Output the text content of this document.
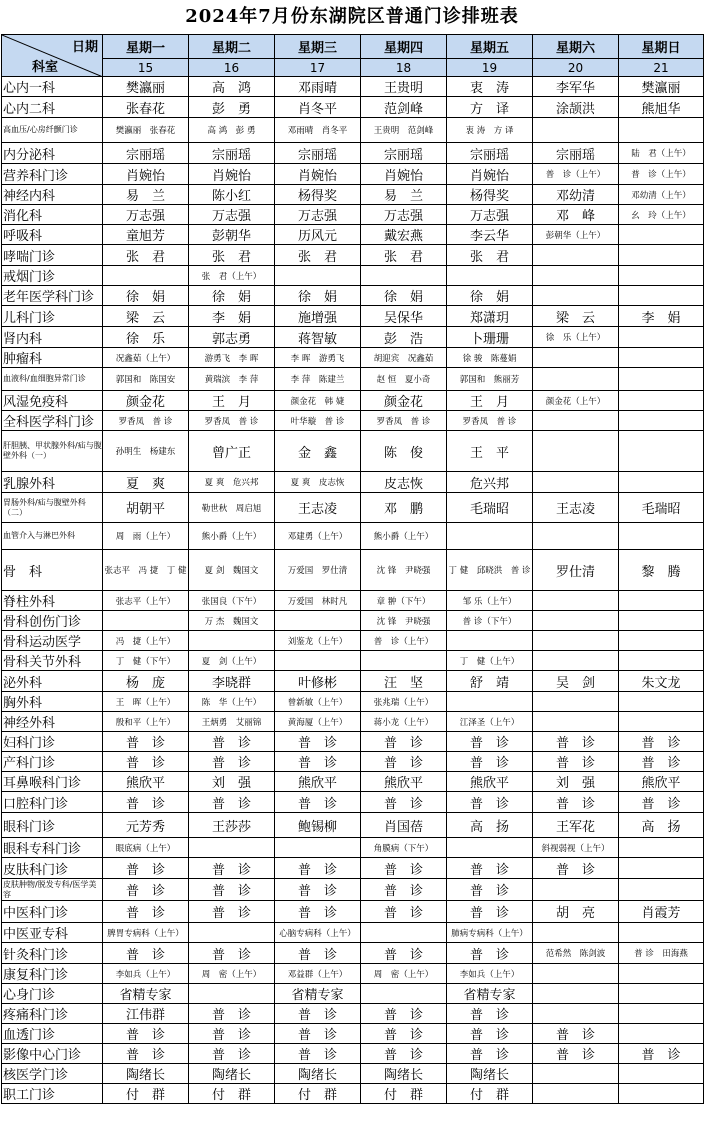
2024年7月份东湖院区普通门诊排班表
日期
科室	星期一	星期二	星期三	星期四	星期五	星期六	星期日
	15	16	17	18	19	20	21
心内一科	樊瀛丽	高　鸿	邓雨晴	王贵明	衷　涛	李军华	樊瀛丽
心内二科	张春花	彭　勇	肖冬平	范剑峰	方　译	涂颉洪	熊旭华
高血压/心房纤颤门诊	樊瀛丽　张春花	高 鸿　彭 勇	邓雨晴　肖冬平	王贵明　范剑峰	衷 涛　方 译		
内分泌科	宗丽瑶	宗丽瑶	宗丽瑶	宗丽瑶	宗丽瑶	宗丽瑶	陆　君（上午）
营养科门诊	肖婉怡	肖婉怡	肖婉怡	肖婉怡	肖婉怡	普　诊（上午）	普　诊（上午）
神经内科	易　兰	陈小红	杨得奖	易　兰	杨得奖	邓幼清	邓幼清（上午）
消化科	万志强	万志强	万志强	万志强	万志强	邓　峰	幺　玲（上午）
呼吸科	童旭芳	彭朝华	历风元	戴宏燕	李云华	彭朝华（上午）	
哮喘门诊	张　君	张　君	张　君	张　君	张　君		
戒烟门诊		张　君（上午）					
老年医学科门诊	徐　娟	徐　娟	徐　娟	徐　娟	徐　娟		
儿科门诊	梁　云	李　娟	施增强	吴保华	郑潇玥	梁　云	李　娟
肾内科	徐　乐	郭志勇	蒋智敏	彭　浩	卜珊珊	徐　乐（上午）	
肿瘤科	况鑫茹（上午）	游勇飞　李 晖	李 晖　游勇飞	胡迎宾　况鑫茹	徐 骏　陈蔓娟		
血液科/血细胞异常门诊	郭国和　陈国安	黄瑞滨　李 萍	李 萍　陈建兰	赵 恒　夏小奇	郭国和　熊丽芳		
风湿免疫科	颜金花	王　月	颜金花　韩 婕	颜金花	王　月	颜金花（上午）	
全科医学科门诊	罗香凤　普 诊	罗香凤　普 诊	叶华璇　普 诊	罗香凤　普 诊	罗香凤　普 诊		
肝胆胰、甲状腺外科/疝与腹壁外科（一）	孙明生　杨建东	曾广正	金　鑫	陈　俊	王　平		
乳腺外科	夏　爽	夏 爽　危兴邦	夏 爽　皮志恢	皮志恢	危兴邦		
胃肠外科/疝与腹壁外科（二）	胡朝平	勒世秋　周启旭	王志凌	邓　鹏	毛瑞昭	王志凌	毛瑞昭
血管介入与淋巴外科	周　雨（上午）	熊小爵（上午）	邓建勇（上午）	熊小爵（上午）			
骨　科	张志平　冯 捷　丁 健	夏 剑　魏国文	万爱国　罗仕清	沈 锋　尹晓强	丁 健　邱晓洪　普 诊	罗仕清	黎　腾
脊柱外科	张志平（上午）	张国良（下午）	万爱国　林时凡	章 翀（下午）	邹 乐（上午）		
骨科创伤门诊		万 杰　魏国文		沈 锋　尹晓强	普 诊（下午）		
骨科运动医学	冯　捷（上午）		刘鉴龙（上午）	普　诊（上午）			
骨科关节外科	丁　健（下午）	夏　剑（上午）			丁　健（上午）		
泌外科	杨　庞	李晓群	叶修彬	汪　坚	舒　靖	吴　剑	朱文龙
胸外科	王　晖（上午）	陈　华（上午）	曾新敏（上午）	张兆瑞（上午）			
神经外科	殷和平（上午）	王炳勇　艾丽锦	黄海厦（上午）	蒋小龙（上午）	江泽圣（上午）		
妇科门诊	普　诊	普　诊	普　诊	普　诊	普　诊	普　诊	普　诊
产科门诊	普　诊	普　诊	普　诊	普　诊	普　诊	普　诊	普　诊
耳鼻喉科门诊	熊欣平	刘　强	熊欣平	熊欣平	熊欣平	刘　强	熊欣平
口腔科门诊	普　诊	普　诊	普　诊	普　诊	普　诊	普　诊	普　诊
眼科门诊	元芳秀	王莎莎	鲍锡柳	肖国蓓	高　扬	王军花	高　扬
眼科专科门诊	眼底病（上午）			角膜病（下午）		斜视弱视（上午）	
皮肤科门诊	普　诊	普　诊	普　诊	普　诊	普　诊	普　诊	
皮肤肿物/脱发专科/医学美容	普　诊	普　诊	普　诊	普　诊	普　诊		
中医科门诊	普　诊	普　诊	普　诊	普　诊	普　诊	胡　亮	肖霞芳
中医亚专科	脾胃专病科（上午）		心脑专病科（上午）		肺病专病科（上午）		
针灸科门诊	普　诊	普　诊	普　诊	普　诊	普　诊	范希然　陈剑波	普 诊　田海燕
康复科门诊	李如兵（上午）	周　密（上午）	邓益群（上午）	周　密（上午）	李如兵（上午）		
心身门诊	省精专家		省精专家		省精专家		
疼痛科门诊	江伟群	普　诊	普　诊	普　诊	普　诊		
血透门诊	普　诊	普　诊	普　诊	普　诊	普　诊	普　诊	
影像中心门诊	普　诊	普　诊	普　诊	普　诊	普　诊	普　诊	普　诊
核医学门诊	陶绪长	陶绪长	陶绪长	陶绪长	陶绪长		
职工门诊	付　群	付　群	付　群	付　群	付　群		
